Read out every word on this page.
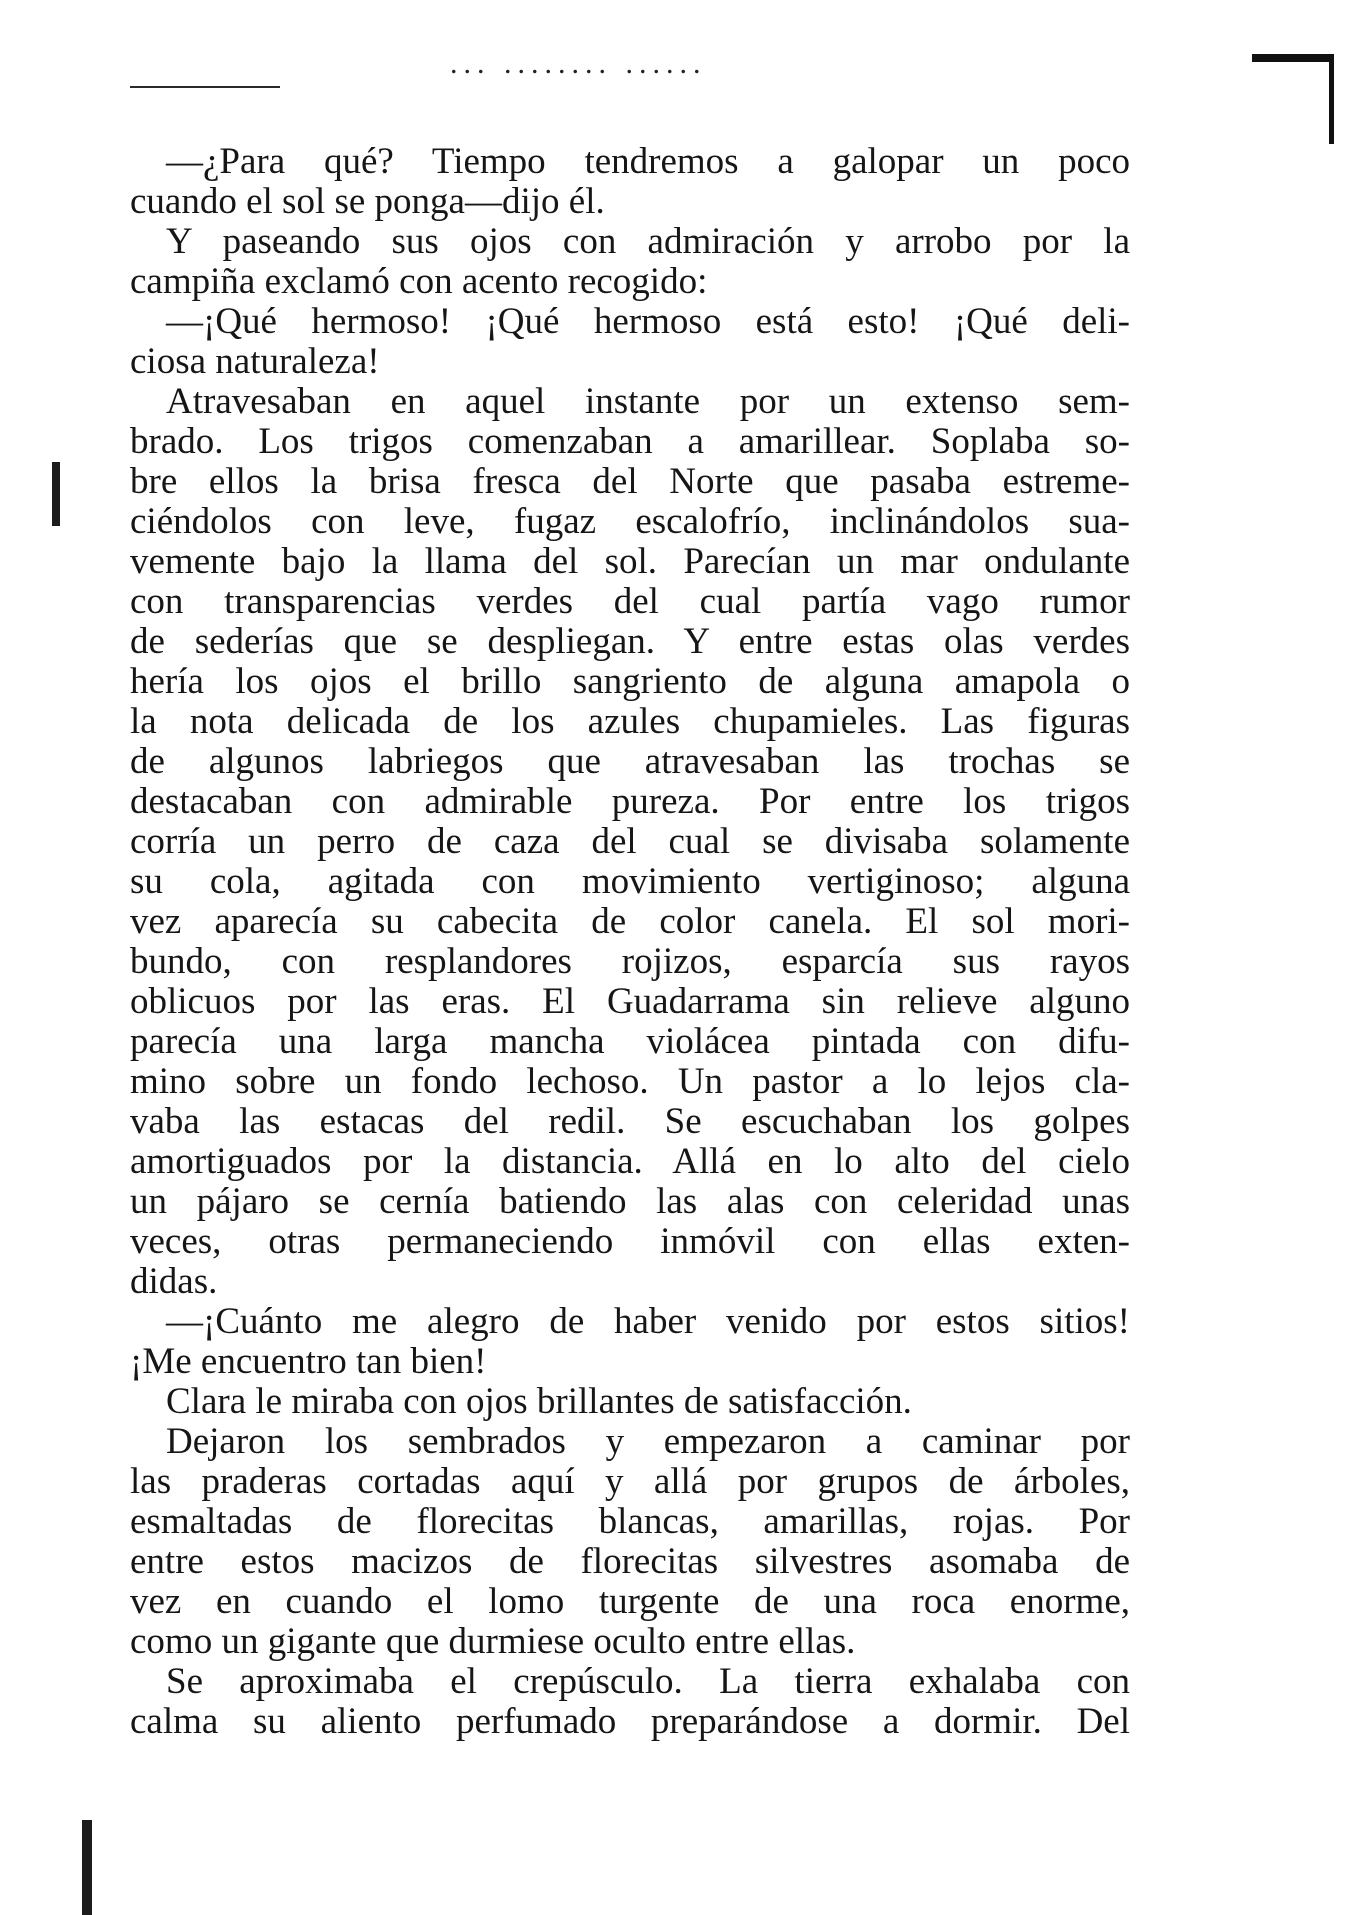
... ........ ......
—¿Para qué? Tiempo tendremos a galopar un poco
cuando el sol se ponga—dijo él.
Y paseando sus ojos con admiración y arrobo por la
campiña exclamó con acento recogido:
—¡Qué hermoso! ¡Qué hermoso está esto! ¡Qué deli-
ciosa naturaleza!
Atravesaban en aquel instante por un extenso sem-
brado. Los trigos comenzaban a amarillear. Soplaba so-
bre ellos la brisa fresca del Norte que pasaba estreme-
ciéndolos con leve, fugaz escalofrío, inclinándolos sua-
vemente bajo la llama del sol. Parecían un mar ondulante
con transparencias verdes del cual partía vago rumor
de sederías que se despliegan. Y entre estas olas verdes
hería los ojos el brillo sangriento de alguna amapola o
la nota delicada de los azules chupamieles. Las figuras
de algunos labriegos que atravesaban las trochas se
destacaban con admirable pureza. Por entre los trigos
corría un perro de caza del cual se divisaba solamente
su cola, agitada con movimiento vertiginoso; alguna
vez aparecía su cabecita de color canela. El sol mori-
bundo, con resplandores rojizos, esparcía sus rayos
oblicuos por las eras. El Guadarrama sin relieve alguno
parecía una larga mancha violácea pintada con difu-
mino sobre un fondo lechoso. Un pastor a lo lejos cla-
vaba las estacas del redil. Se escuchaban los golpes
amortiguados por la distancia. Allá en lo alto del cielo
un pájaro se cernía batiendo las alas con celeridad unas
veces, otras permaneciendo inmóvil con ellas exten-
didas.
—¡Cuánto me alegro de haber venido por estos sitios!
¡Me encuentro tan bien!
Clara le miraba con ojos brillantes de satisfacción.
Dejaron los sembrados y empezaron a caminar por
las praderas cortadas aquí y allá por grupos de árboles,
esmaltadas de florecitas blancas, amarillas, rojas. Por
entre estos macizos de florecitas silvestres asomaba de
vez en cuando el lomo turgente de una roca enorme,
como un gigante que durmiese oculto entre ellas.
Se aproximaba el crepúsculo. La tierra exhalaba con
calma su aliento perfumado preparándose a dormir. Del
